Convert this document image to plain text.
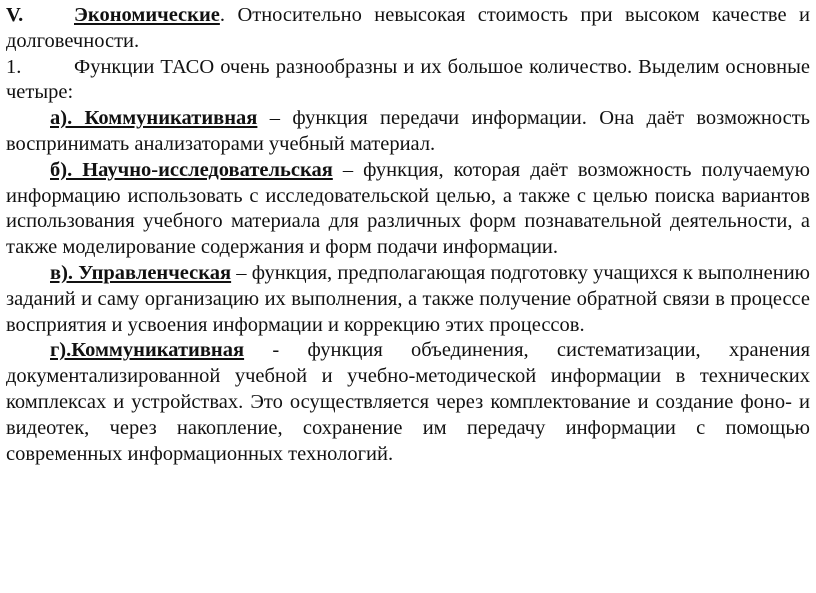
V. Экономические. Относительно невысокая стоимость при высоком качестве и долговечности.

1.	Функции ТАСО очень разнообразны и их большое количество. Выделим основные четыре:

а). Коммуникативная – функция передачи информации. Она даёт возможность воспринимать анализаторами учебный материал.

б). Научно-исследовательская – функция, которая даёт возможность получаемую информацию использовать с исследовательской целью, а также с целью поиска вариантов использования учебного материала для различных форм познавательной деятельности, а также моделирование содержания и форм подачи информации.

в). Управленческая – функция, предполагающая подготовку учащихся к выполнению заданий и саму организацию их выполнения, а также получение обратной связи в процессе восприятия и усвоения информации и коррекцию этих процессов.

г).Коммуникативная - функция объединения, систематизации, хранения документализированной учебной и учебно-методической информации в технических комплексах и устройствах. Это осуществляется через комплектование и создание фоно- и видеотек, через накопление, сохранение им передачу информации с помощью современных информационных технологий.
